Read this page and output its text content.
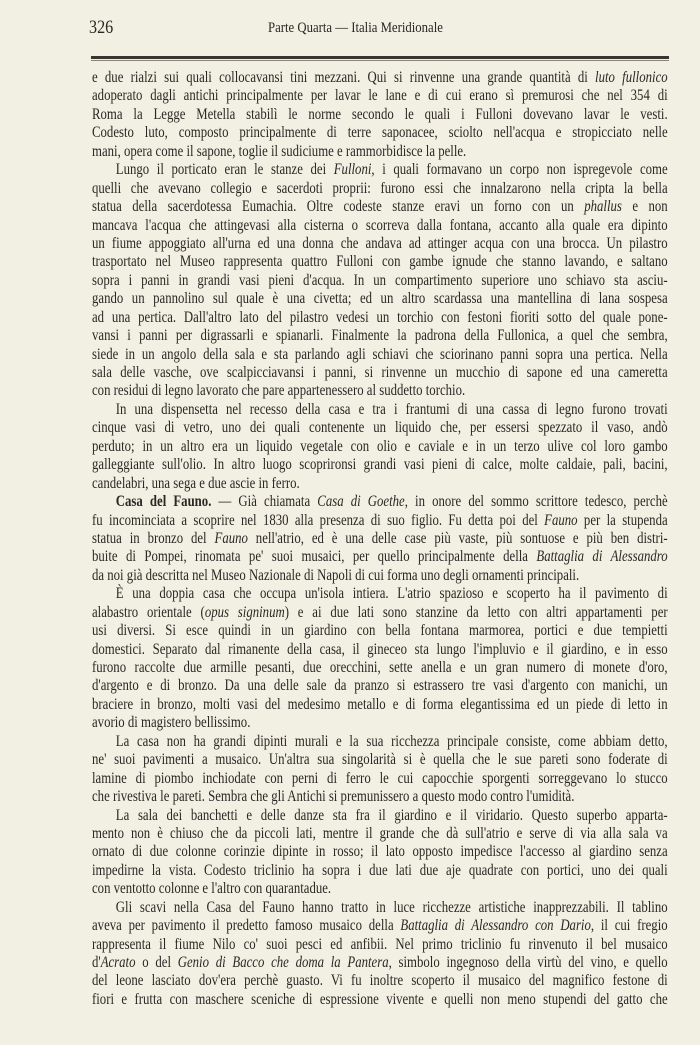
326	Parte Quarta — Italia Meridionale
e due rialzi sui quali collocavansi tini mezzani. Qui si rinvenne una grande quantità di luto fullonico
adoperato dagli antichi principalmente per lavar le lane e di cui erano sì premurosi che nel 354 di
Roma la Legge Metella stabilì le norme secondo le quali i Fulloni dovevano lavar le vesti.
Codesto luto, composto principalmente di terre saponacee, sciolto nell'acqua e stropicciato nelle
mani, opera come il sapone, toglie il sudiciume e rammorbidisce la pelle.
Lungo il porticato eran le stanze dei Fulloni, i quali formavano un corpo non ispregevole come
quelli che avevano collegio e sacerdoti proprii: furono essi che innalzarono nella cripta la bella
statua della sacerdotessa Eumachia. Oltre codeste stanze eravi un forno con un phallus e non
mancava l'acqua che attingevasi alla cisterna o scorreva dalla fontana, accanto alla quale era dipinto
un fiume appoggiato all'urna ed una donna che andava ad attinger acqua con una brocca. Un pilastro
trasportato nel Museo rappresenta quattro Fulloni con gambe ignude che stanno lavando, e saltano
sopra i panni in grandi vasi pieni d'acqua. In un compartimento superiore uno schiavo sta asciu-
gando un pannolino sul quale è una civetta; ed un altro scardassa una mantellina di lana sospesa
ad una pertica. Dall'altro lato del pilastro vedesi un torchio con festoni fioriti sotto del quale pone-
vansi i panni per digrassarli e spianarli. Finalmente la padrona della Fullonica, a quel che sembra,
siede in un angolo della sala e sta parlando agli schiavi che sciorinano panni sopra una pertica. Nella
sala delle vasche, ove scalpicciavansi i panni, si rinvenne un mucchio di sapone ed una cameretta
con residui di legno lavorato che pare appartenessero al suddetto torchio.
In una dispensetta nel recesso della casa e tra i frantumi di una cassa di legno furono trovati
cinque vasi di vetro, uno dei quali contenente un liquido che, per essersi spezzato il vaso, andò
perduto; in un altro era un liquido vegetale con olio e caviale e in un terzo ulive col loro gambo
galleggiante sull'olio. In altro luogo scoprironsi grandi vasi pieni di calce, molte caldaie, pali, bacini,
candelabri, una sega e due ascie in ferro.
Casa del Fauno. — Già chiamata Casa di Goethe, in onore del sommo scrittore tedesco, perchè
fu incominciata a scoprire nel 1830 alla presenza di suo figlio. Fu detta poi del Fauno per la stupenda
statua in bronzo del Fauno nell'atrio, ed è una delle case più vaste, più sontuose e più ben distri-
buite di Pompei, rinomata pe' suoi musaici, per quello principalmente della Battaglia di Alessandro
da noi già descritta nel Museo Nazionale di Napoli di cui forma uno degli ornamenti principali.
È una doppia casa che occupa un'isola intiera. L'atrio spazioso e scoperto ha il pavimento di
alabastro orientale (opus signinum) e ai due lati sono stanzine da letto con altri appartamenti per
usi diversi. Si esce quindi in un giardino con bella fontana marmorea, portici e due tempietti
domestici. Separato dal rimanente della casa, il gineceo sta lungo l'impluvio e il giardino, e in esso
furono raccolte due armille pesanti, due orecchini, sette anella e un gran numero di monete d'oro,
d'argento e di bronzo. Da una delle sale da pranzo si estrassero tre vasi d'argento con manichi, un
braciere in bronzo, molti vasi del medesimo metallo e di forma elegantissima ed un piede di letto in
avorio di magistero bellissimo.
La casa non ha grandi dipinti murali e la sua ricchezza principale consiste, come abbiam detto,
ne' suoi pavimenti a musaico. Un'altra sua singolarità si è quella che le sue pareti sono foderate di
lamine di piombo inchiodate con perni di ferro le cui capocchie sporgenti sorreggevano lo stucco
che rivestiva le pareti. Sembra che gli Antichi si premunissero a questo modo contro l'umidità.
La sala dei banchetti e delle danze sta fra il giardino e il viridario. Questo superbo apparta-
mento non è chiuso che da piccoli lati, mentre il grande che dà sull'atrio e serve di via alla sala va
ornato di due colonne corinzie dipinte in rosso; il lato opposto impedisce l'accesso al giardino senza
impedirne la vista. Codesto triclinio ha sopra i due lati due aje quadrate con portici, uno dei quali
con ventotto colonne e l'altro con quarantadue.
Gli scavi nella Casa del Fauno hanno tratto in luce ricchezze artistiche inapprezzabili. Il tablino
aveva per pavimento il predetto famoso musaico della Battaglia di Alessandro con Dario, il cui fregio
rappresenta il fiume Nilo co' suoi pesci ed anfibii. Nel primo triclinio fu rinvenuto il bel musaico
d'Acrato o del Genio di Bacco che doma la Pantera, simbolo ingegnoso della virtù del vino, e quello
del leone lasciato dov'era perchè guasto. Vi fu inoltre scoperto il musaico del magnifico festone di
fiori e frutta con maschere sceniche di espressione vivente e quelli non meno stupendi del gatto che
